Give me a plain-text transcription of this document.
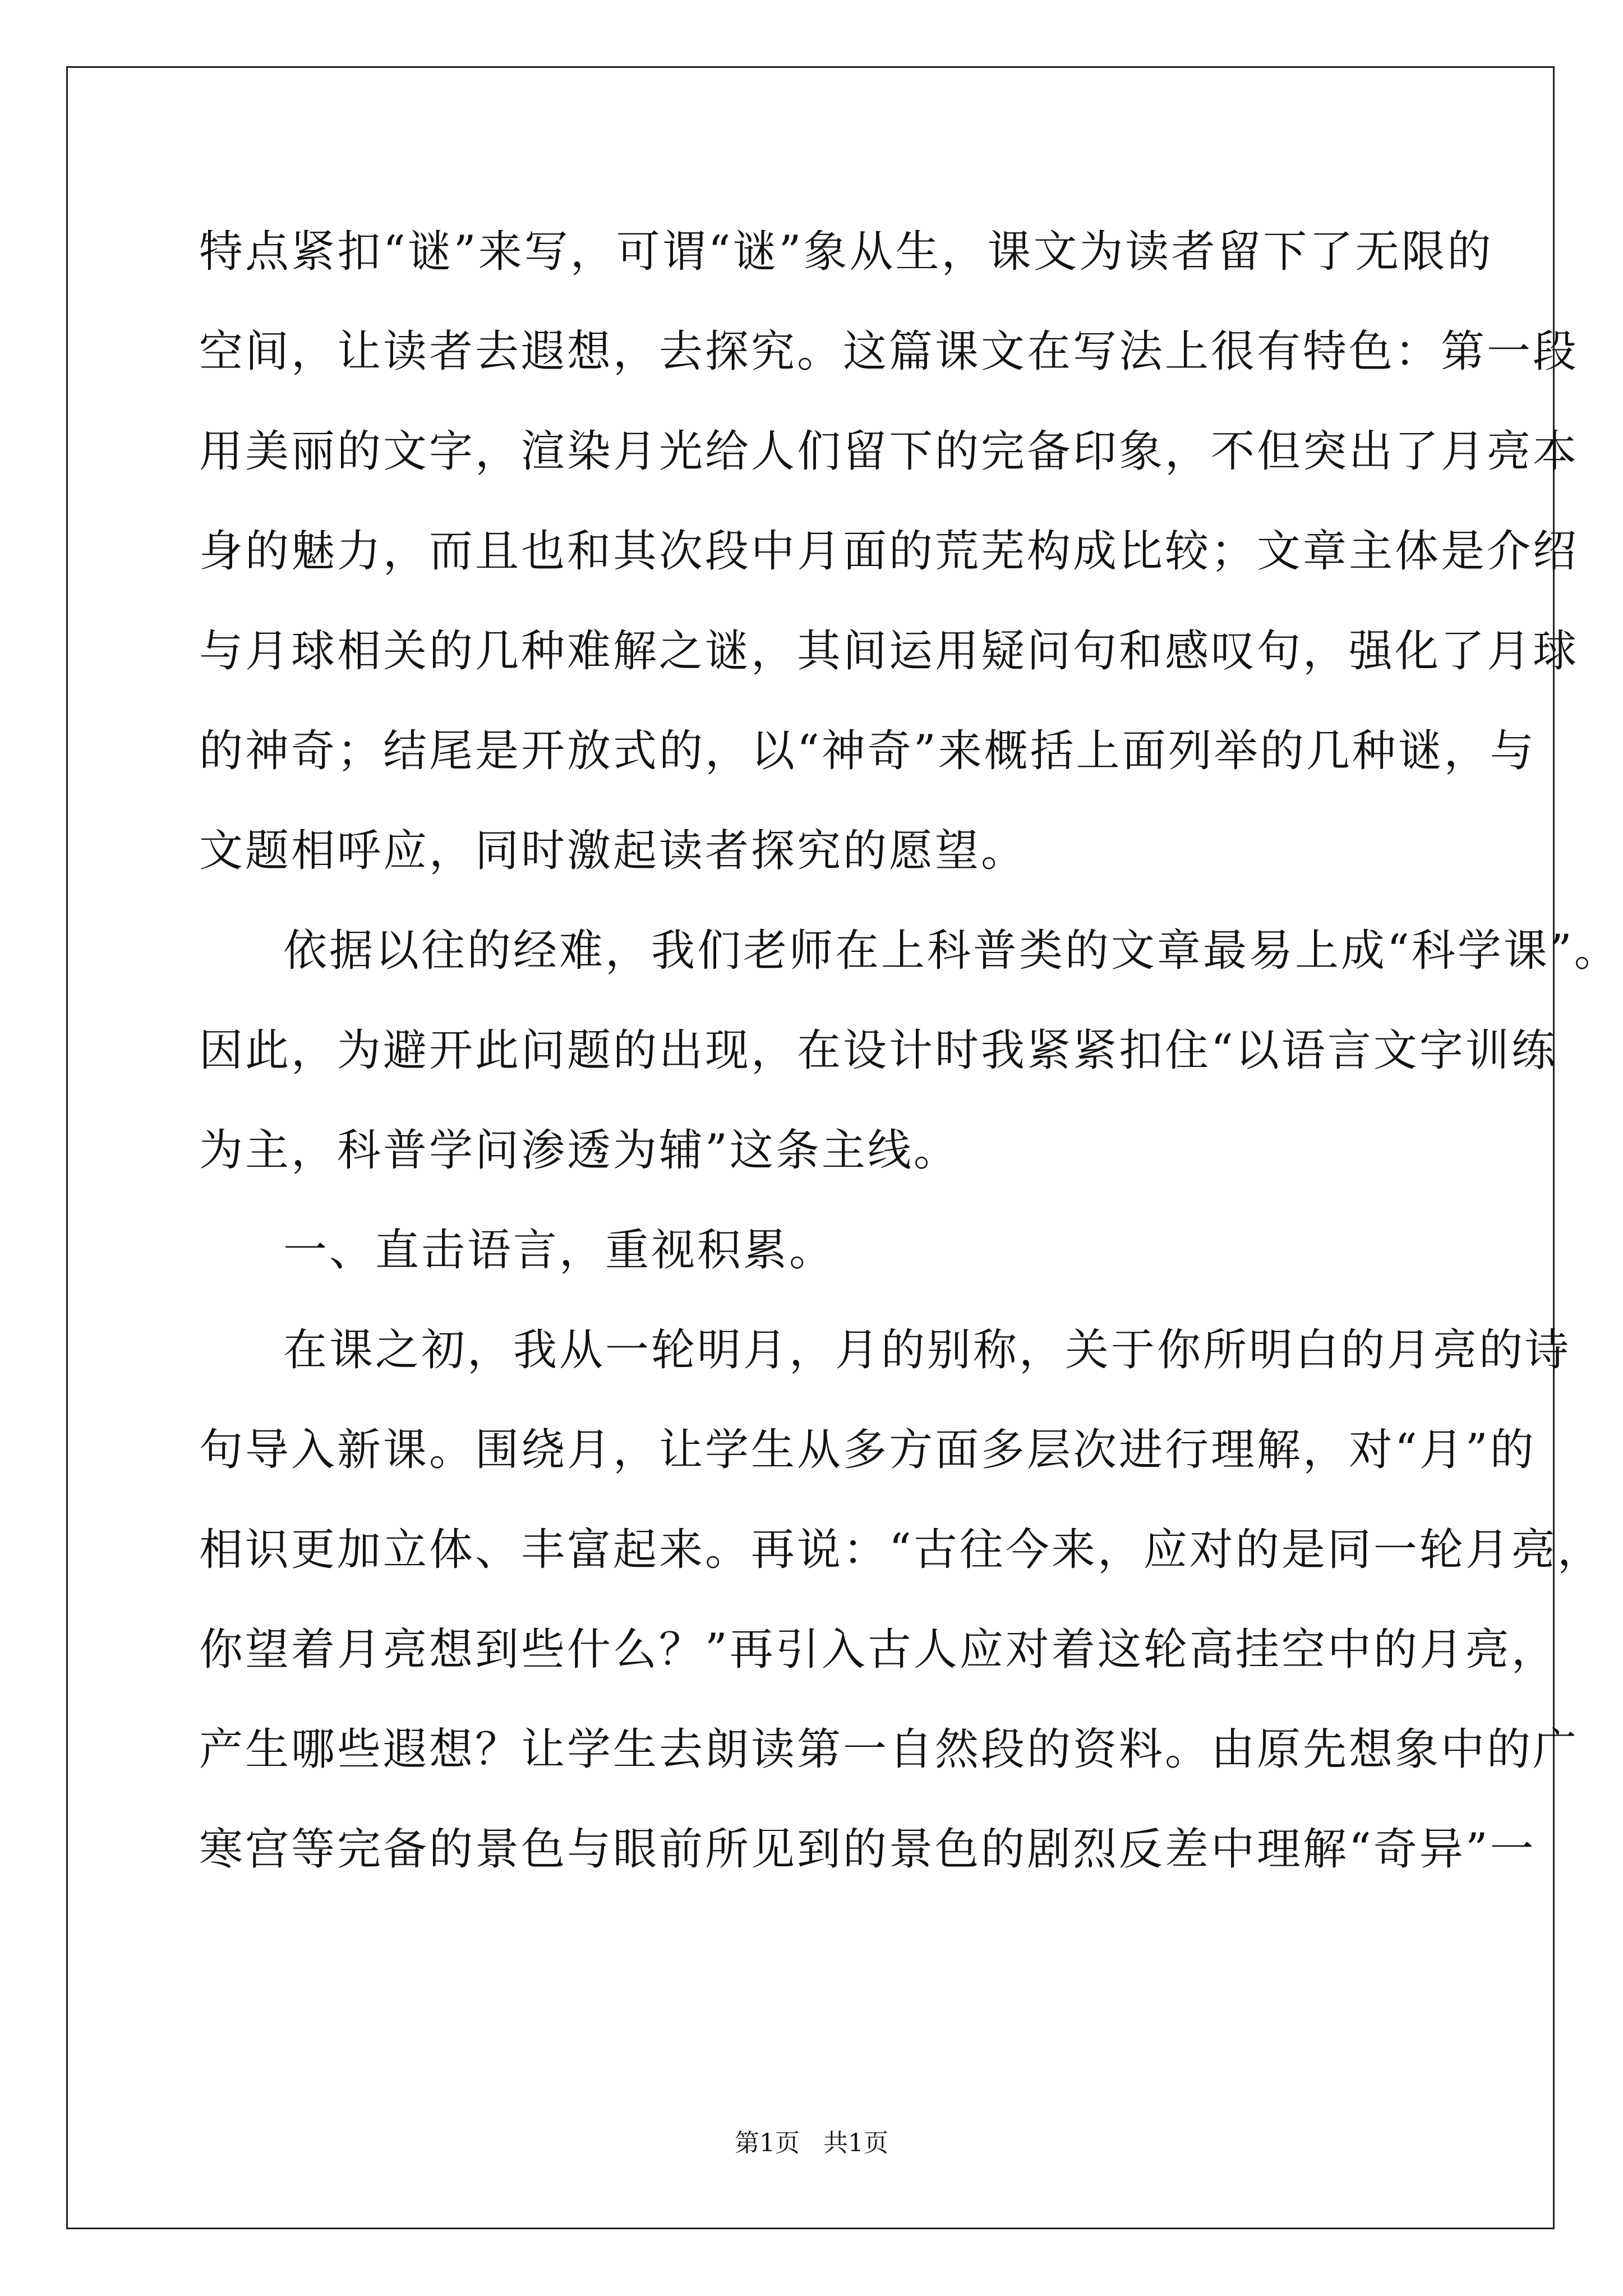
特点紧扣“谜”来写，可谓“谜”象从生，课文为读者留下了无限的
空间，让读者去遐想，去探究。这篇课文在写法上很有特色：第一段
用美丽的文字，渲染月光给人们留下的完备印象，不但突出了月亮本
身的魅力，而且也和其次段中月面的荒芜构成比较；文章主体是介绍
与月球相关的几种难解之谜，其间运用疑问句和感叹句，强化了月球
的神奇；结尾是开放式的，以“神奇”来概括上面列举的几种谜，与
文题相呼应，同时激起读者探究的愿望。
依据以往的经难，我们老师在上科普类的文章最易上成“科学课”。
因此，为避开此问题的出现，在设计时我紧紧扣住“以语言文字训练
为主，科普学问渗透为辅”这条主线。
一、直击语言，重视积累。
在课之初，我从一轮明月，月的别称，关于你所明白的月亮的诗
句导入新课。围绕月，让学生从多方面多层次进行理解，对“月”的
相识更加立体、丰富起来。再说：“古往今来，应对的是同一轮月亮，
你望着月亮想到些什么？”再引入古人应对着这轮高挂空中的月亮，
产生哪些遐想？让学生去朗读第一自然段的资料。由原先想象中的广
寒宫等完备的景色与眼前所见到的景色的剧烈反差中理解“奇异”一
第1页   共1页
